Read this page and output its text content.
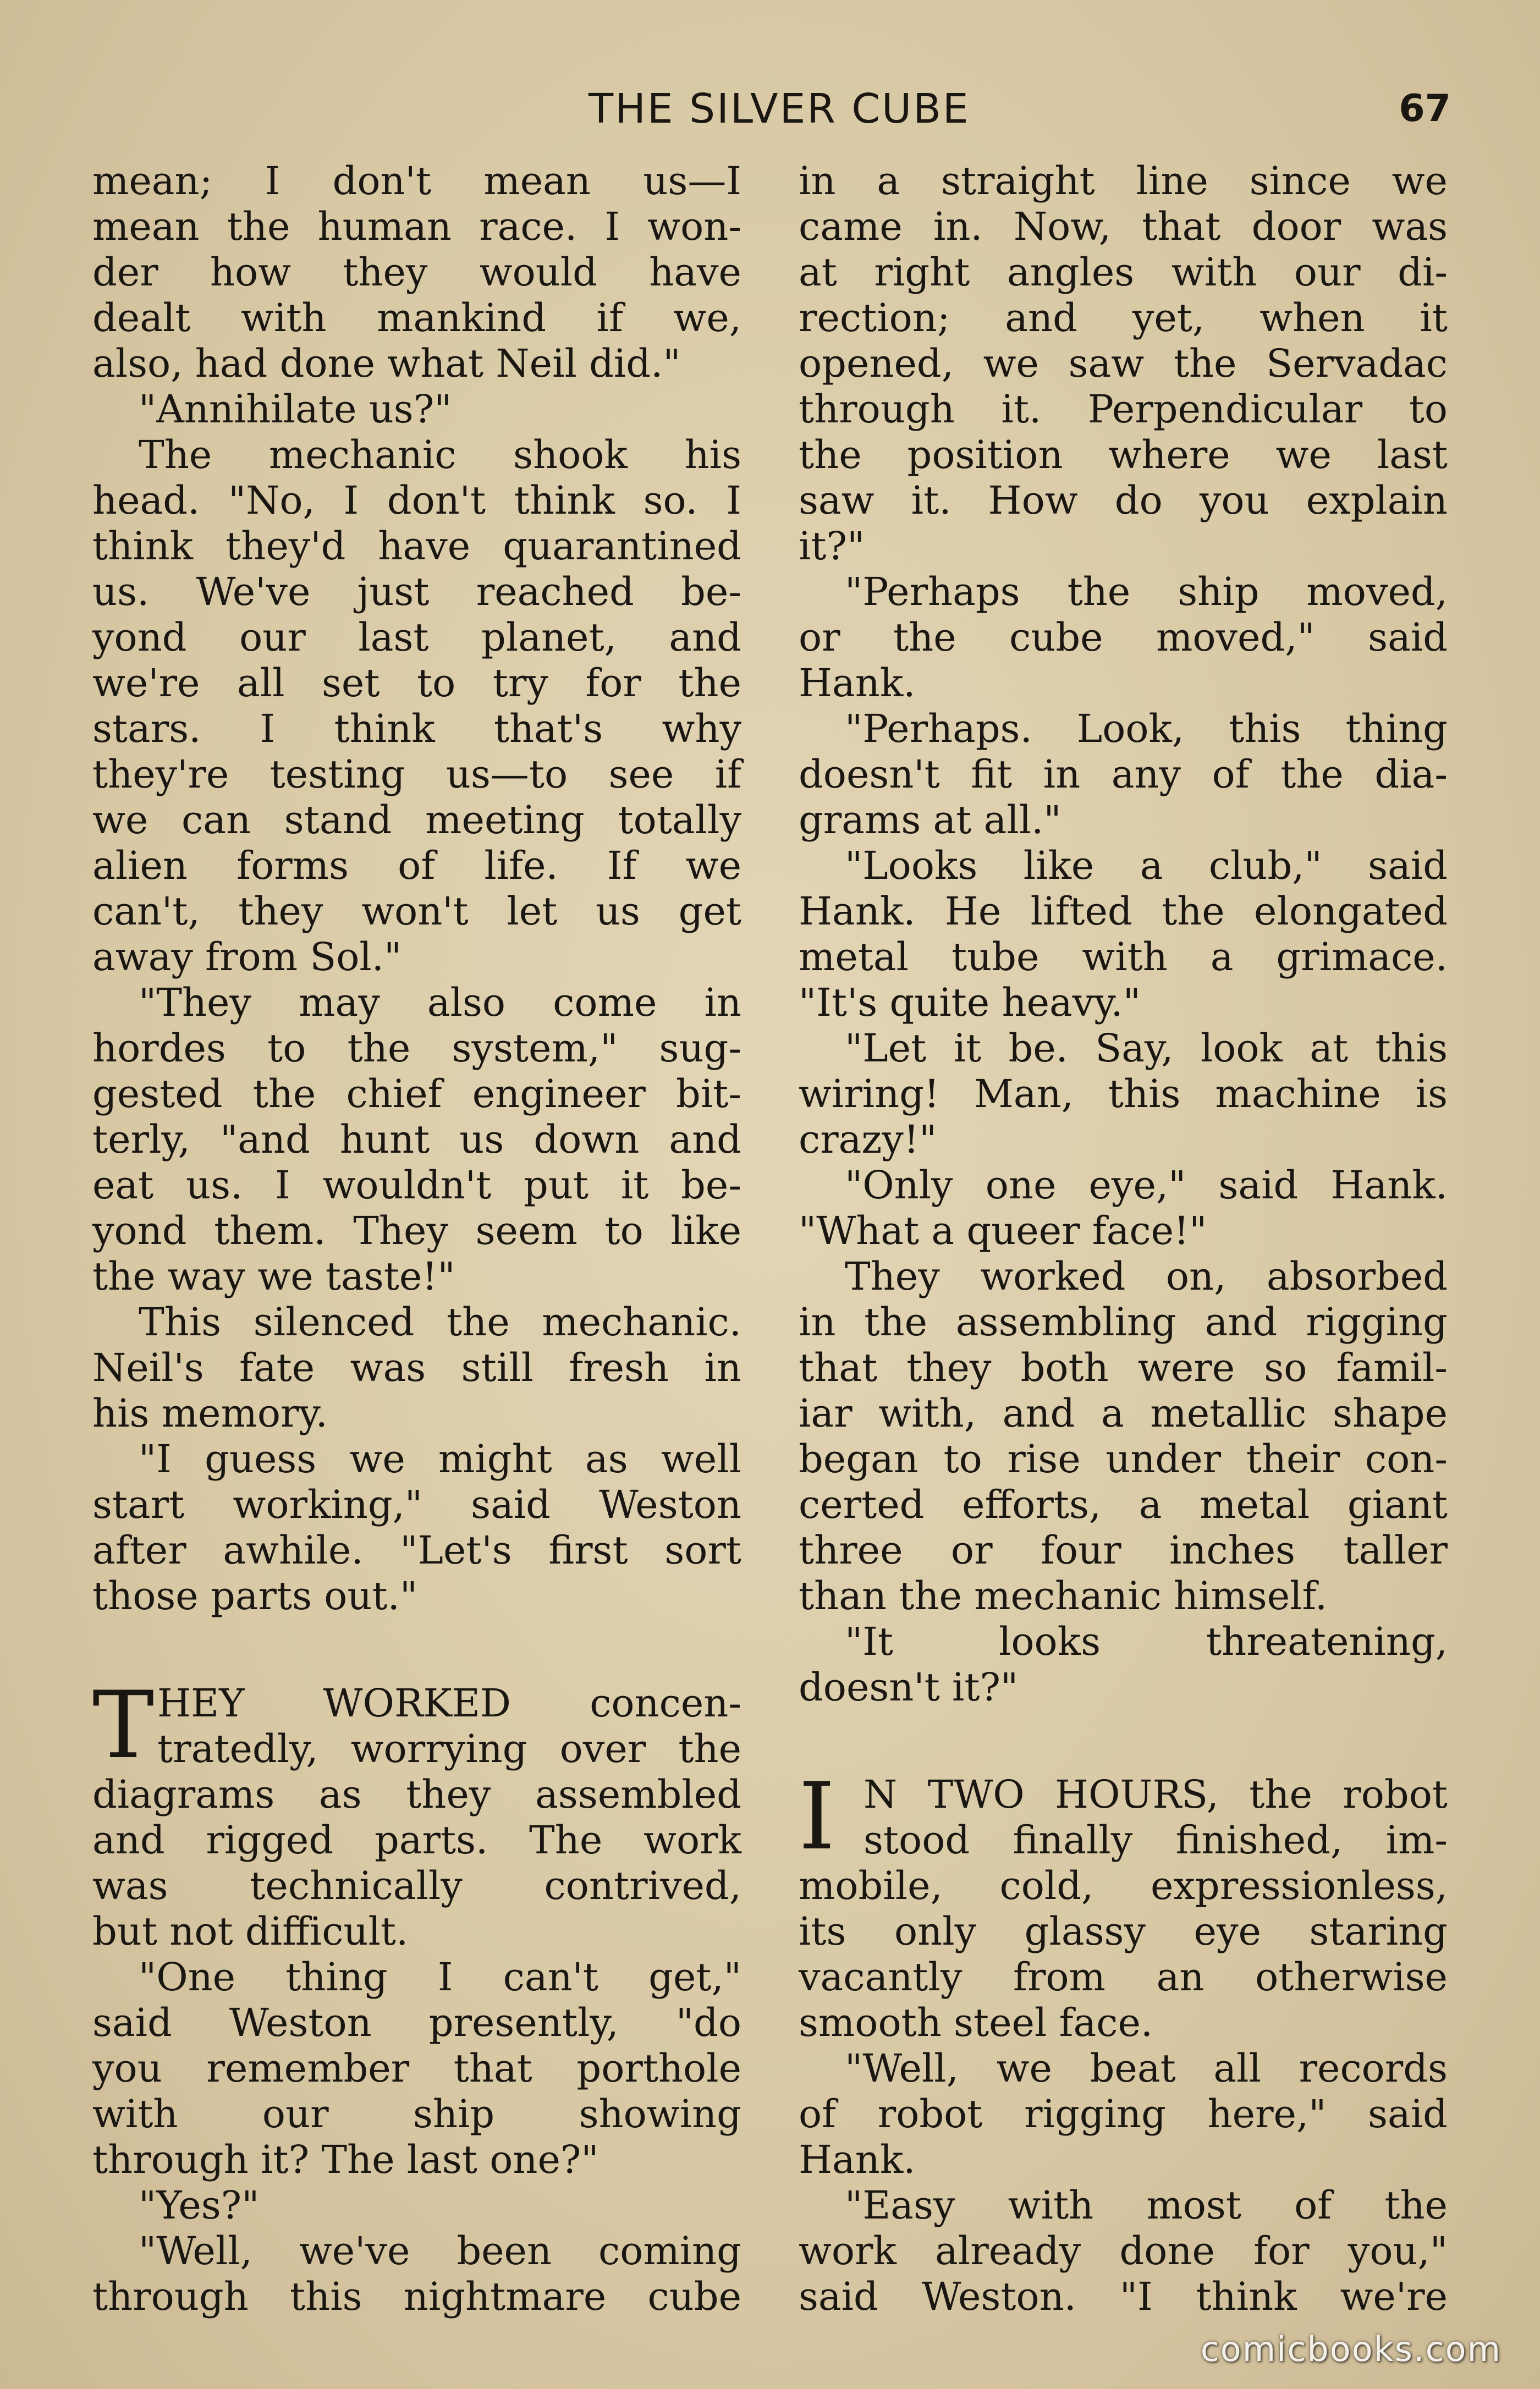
THE SILVER CUBE	67
mean; I don't mean us—I
mean the human race. I won-
der how they would have
dealt with mankind if we,
also, had done what Neil did."
"Annihilate us?"
The mechanic shook his
head. "No, I don't think so. I
think they'd have quarantined
us. We've just reached be-
yond our last planet, and
we're all set to try for the
stars. I think that's why
they're testing us—to see if
we can stand meeting totally
alien forms of life. If we
can't, they won't let us get
away from Sol."
"They may also come in
hordes to the system," sug-
gested the chief engineer bit-
terly, "and hunt us down and
eat us. I wouldn't put it be-
yond them. They seem to like
the way we taste!"
This silenced the mechanic.
Neil's fate was still fresh in
his memory.
"I guess we might as well
start working," said Weston
after awhile. "Let's first sort
those parts out."
T HEY WORKED concen-
tratedly, worrying over the
diagrams as they assembled
and rigged parts. The work
was technically contrived,
but not difficult.
"One thing I can't get,"
said Weston presently, "do
you remember that porthole
with our ship showing
through it? The last one?"
"Yes?"
"Well, we've been coming
through this nightmare cube
in a straight line since we
came in. Now, that door was
at right angles with our di-
rection; and yet, when it
opened, we saw the Servadac
through it. Perpendicular to
the position where we last
saw it. How do you explain
it?"
"Perhaps the ship moved,
or the cube moved," said
Hank.
"Perhaps. Look, this thing
doesn't fit in any of the dia-
grams at all."
"Looks like a club," said
Hank. He lifted the elongated
metal tube with a grimace.
"It's quite heavy."
"Let it be. Say, look at this
wiring! Man, this machine is
crazy!"
"Only one eye," said Hank.
"What a queer face!"
They worked on, absorbed
in the assembling and rigging
that they both were so famil-
iar with, and a metallic shape
began to rise under their con-
certed efforts, a metal giant
three or four inches taller
than the mechanic himself.
"It looks threatening,
doesn't it?"
I N TWO HOURS, the robot
stood finally finished, im-
mobile, cold, expressionless,
its only glassy eye staring
vacantly from an otherwise
smooth steel face.
"Well, we beat all records
of robot rigging here," said
Hank.
"Easy with most of the
work already done for you,"
said Weston. "I think we're
comicbooks.com
